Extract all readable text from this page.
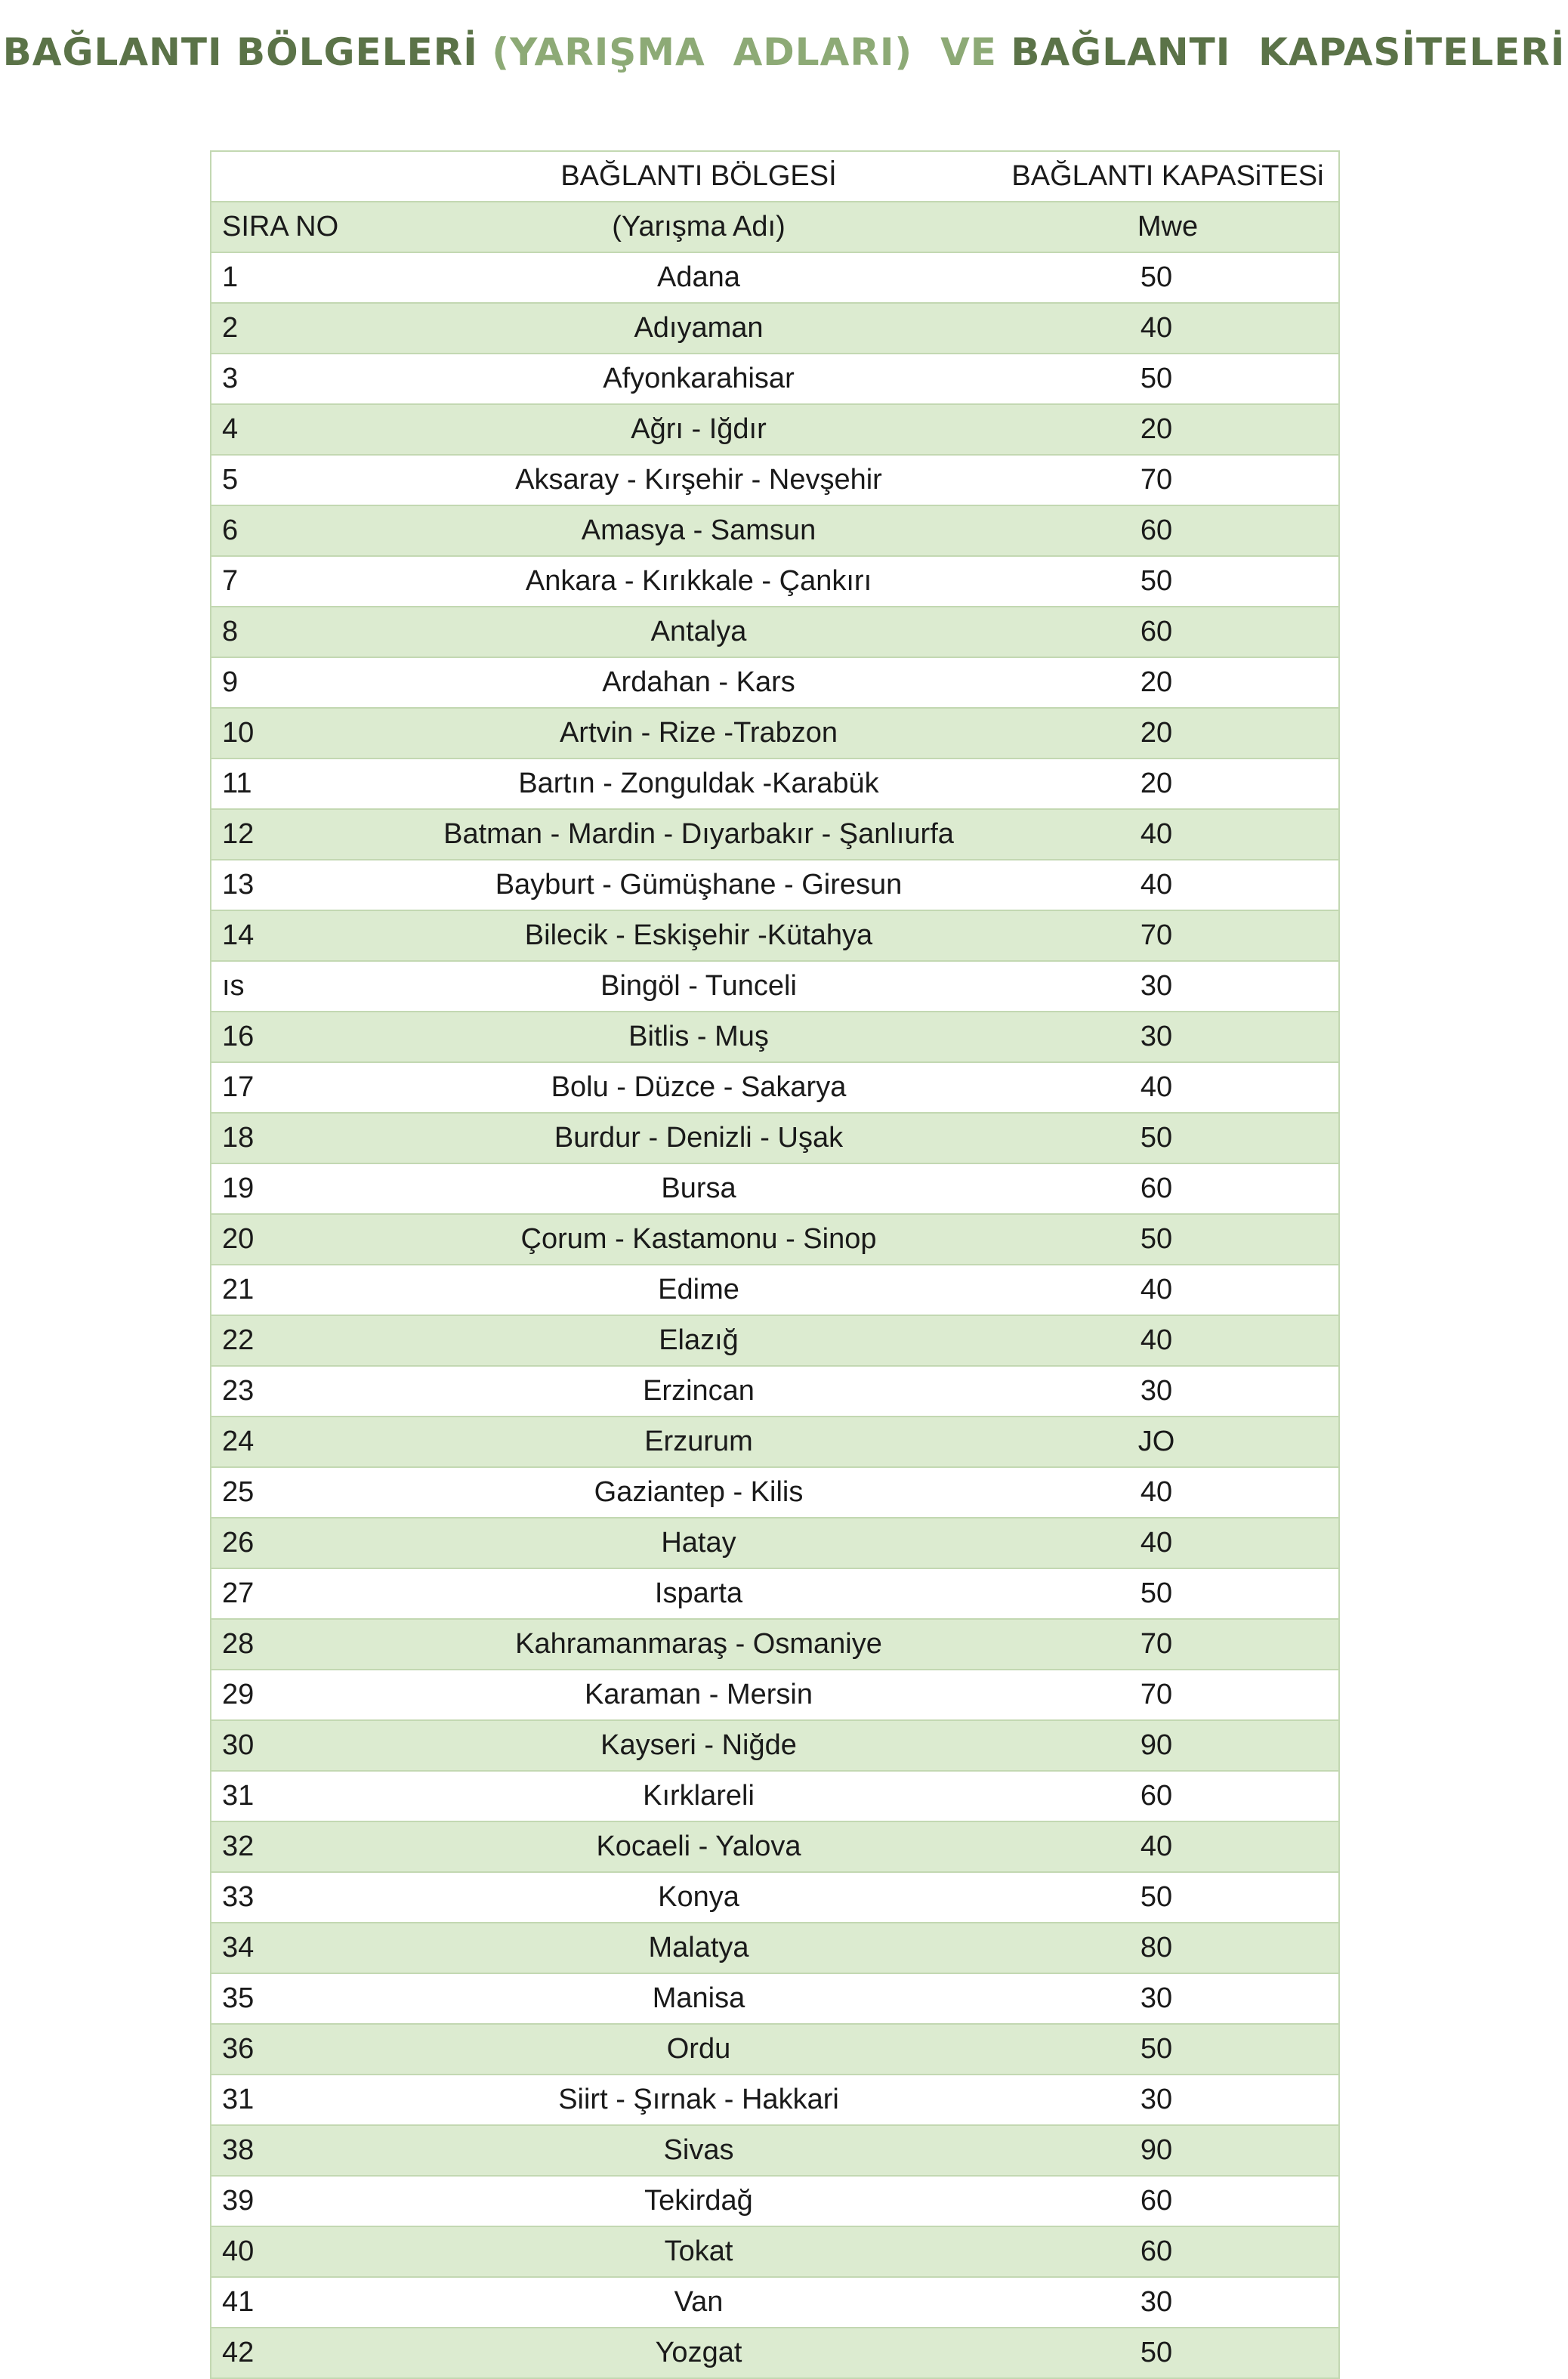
BAĞLANTI BÖLGELERİ (YARIŞMA  ADLARI)  VE BAĞLANTI  KAPASİTELERİ
	BAĞLANTI BÖLGESİ	BAĞLANTI KAPASiTESi
SIRA NO	(Yarışma Adı)	Mwe
1	Adana	50
2	Adıyaman	40
3	Afyonkarahisar	50
4	Ağrı - Iğdır	20
5	Aksaray - Kırşehir - Nevşehir	70
6	Amasya - Samsun	60
7	Ankara - Kırıkkale - Çankırı	50
8	Antalya	60
9	Ardahan - Kars	20
10	Artvin - Rize -Trabzon	20
11	Bartın - Zonguldak -Karabük	20
12	Batman - Mardin - Dıyarbakır - Şanlıurfa	40
13	Bayburt - Gümüşhane - Giresun	40
14	Bilecik - Eskişehir -Kütahya	70
ıs	Bingöl - Tunceli	30
16	Bitlis - Muş	30
17	Bolu - Düzce - Sakarya	40
18	Burdur - Denizli - Uşak	50
19	Bursa	60
20	Çorum - Kastamonu - Sinop	50
21	Edime	40
22	Elazığ	40
23	Erzincan	30
24	Erzurum	JO
25	Gaziantep - Kilis	40
26	Hatay	40
27	Isparta	50
28	Kahramanmaraş - Osmaniye	70
29	Karaman - Mersin	70
30	Kayseri - Niğde	90
31	Kırklareli	60
32	Kocaeli - Yalova	40
33	Konya	50
34	Malatya	80
35	Manisa	30
36	Ordu	50
31	Siirt - Şırnak - Hakkari	30
38	Sivas	90
39	Tekirdağ	60
40	Tokat	60
41	Van	30
42	Yozgat	50
